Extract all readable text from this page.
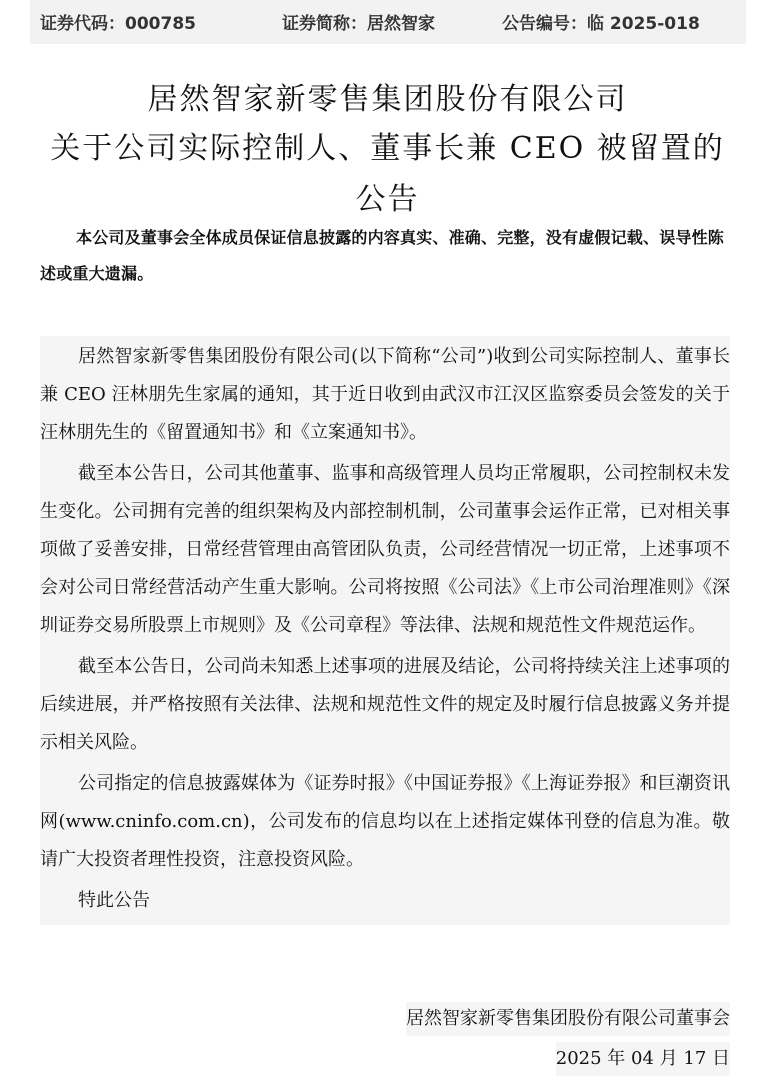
证券代码：000785	证券简称：居然智家	公告编号：临 2025-018
居然智家新零售集团股份有限公司
关于公司实际控制人、董事长兼 CEO 被留置的
公告
本公司及董事会全体成员保证信息披露的内容真实、准确、完整，没有虚假记载、误导性陈述或重大遗漏。

居然智家新零售集团股份有限公司(以下简称“公司”)收到公司实际控制人、董事长兼 CEO 汪林朋先生家属的通知，其于近日收到由武汉市江汉区监察委员会签发的关于汪林朋先生的《留置通知书》和《立案通知书》。

截至本公告日，公司其他董事、监事和高级管理人员均正常履职，公司控制权未发生变化。公司拥有完善的组织架构及内部控制机制，公司董事会运作正常，已对相关事项做了妥善安排，日常经营管理由高管团队负责，公司经营情况一切正常，上述事项不会对公司日常经营活动产生重大影响。公司将按照《公司法》《上市公司治理准则》《深圳证券交易所股票上市规则》及《公司章程》等法律、法规和规范性文件规范运作。

截至本公告日，公司尚未知悉上述事项的进展及结论，公司将持续关注上述事项的后续进展，并严格按照有关法律、法规和规范性文件的规定及时履行信息披露义务并提示相关风险。

公司指定的信息披露媒体为《证券时报》《中国证券报》《上海证券报》和巨潮资讯网(www.cninfo.com.cn)，公司发布的信息均以在上述指定媒体刊登的信息为准。敬请广大投资者理性投资，注意投资风险。

特此公告

居然智家新零售集团股份有限公司董事会
2025 年 04 月 17 日
